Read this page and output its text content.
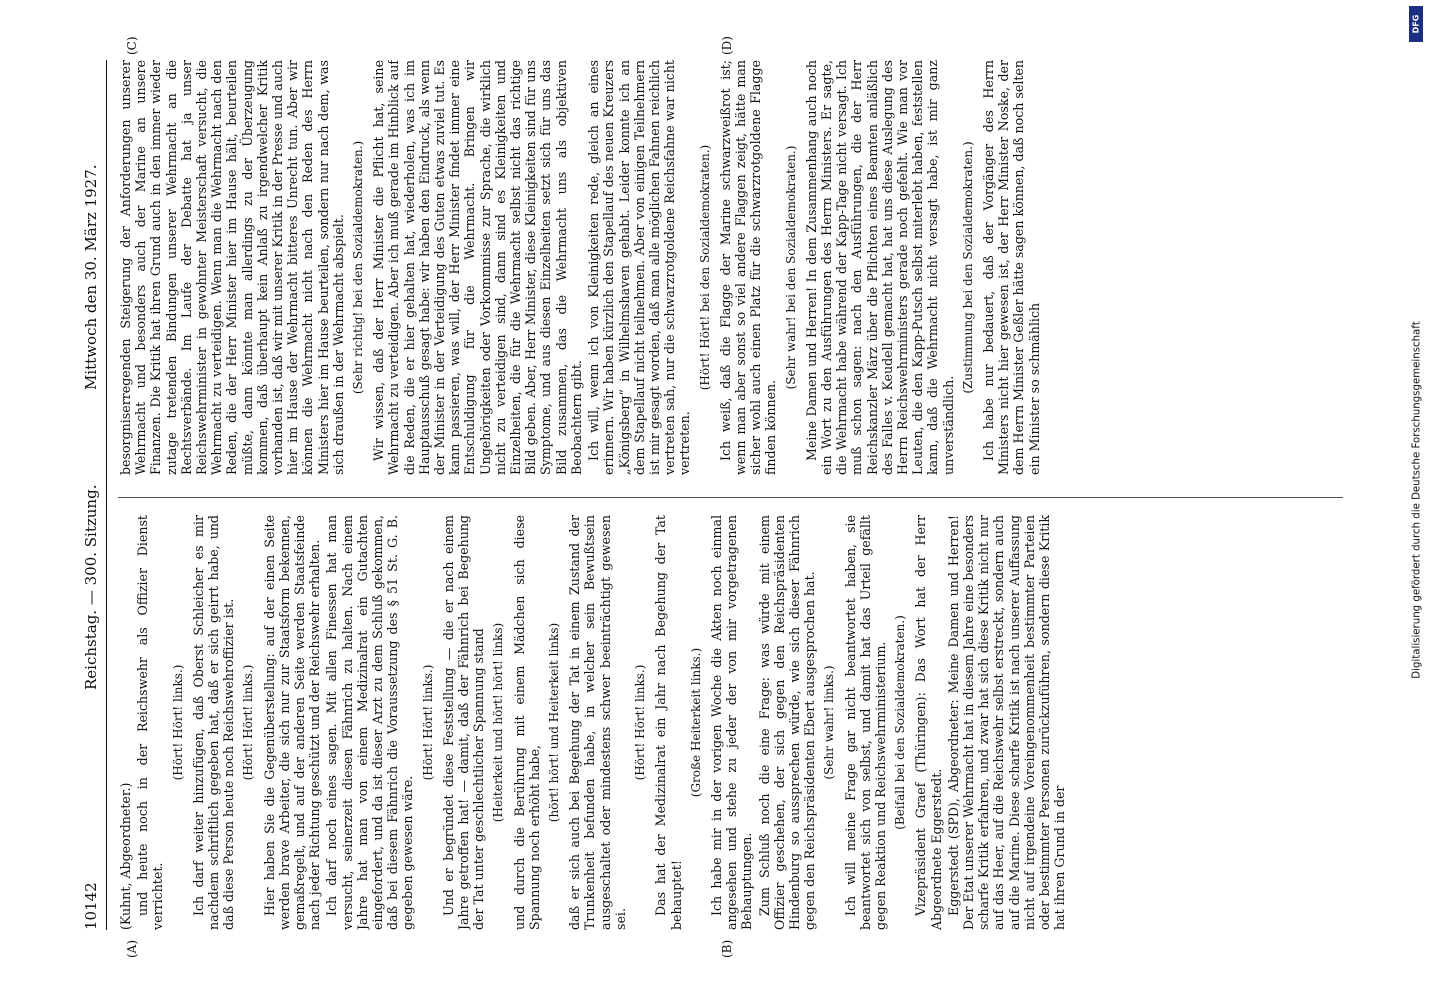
10142
Reichstag. — 300. Sitzung.
Mittwoch den 30. März 1927.
(A)	(B)
(C)	(D)

(Kuhnt, Abgeordneter.) und heute noch in der Reichswehr als Offizier Dienst verrichtet.

(Hört! Hört! links.) Ich darf weiter hinzufügen, daß Oberst Schleicher es mir nachdem schriftlich gegeben hat, daß er sich geirrt habe, und daß diese Person heute noch Reichswehroffizier ist. (Hört! Hört! links.) Hier haben Sie die Gegenüberstellung: auf der einen Seite werden brave Arbeiter, die sich nur zur Staatsform bekennen, gemaßregelt, und auf der anderen Seite werden Staatsfeinde nach jeder Richtung geschützt und der Reichswehr erhalten. Ich darf noch eines sagen. Mit allen Finessen hat man versucht, seinerzeit diesen Fähnrich zu halten. Nach einem Jahre hat man von einem Medizinalrat ein Gutachten eingefordert, und da ist dieser Arzt zu dem Schluß gekommen, daß bei diesem Fähnrich die Voraussetzung des § 51 St. G. B. gegeben gewesen wäre.

(Hört! Hört! links.) Und er begründet diese Feststellung — die er nach einem Jahre getroffen hat! — damit, daß der Fähnrich bei Begehung der Tat unter geschlechtlicher Spannung stand (Heiterkeit und hört! hört! links) und durch die Berührung mit einem Mädchen sich diese Spannung noch erhöht habe,

(hört! hört! und Heiterkeit links) daß er sich auch bei Begehung der Tat in einem Zustand der Trunkenheit befunden habe, in welcher sein Bewußtsein ausgeschaltet oder mindestens schwer beeinträchtigt gewesen sei.

(Hört! Hört! links.) Das hat der Medizinalrat ein Jahr nach Begehung der Tat behauptet!

(Große Heiterkeit links.) Ich habe mir in der vorigen Woche die Akten noch einmal angesehen und stehe zu jeder der von mir vorgetragenen Behauptungen. Zum Schluß noch die eine Frage: was würde mit einem Offizier geschehen, der sich gegen den Reichspräsidenten Hindenburg so aussprechen würde, wie sich dieser Fähnrich gegen den Reichspräsidenten Ebert ausgesprochen hat. (Sehr wahr! links.) Ich will meine Frage gar nicht beantwortet haben, sie beantwortet sich von selbst, und damit hat das Urteil gefällt gegen Reaktion und Reichswehrministerium. (Beifall bei den Sozialdemokraten.) Vizepräsident Graef (Thüringen): Das Wort hat der Herr Abgeordnete Eggerstedt. Eggerstedt (SPD), Abgeordneter: Meine Damen und Herren! Der Etat unserer Wehrmacht hat in diesem Jahre eine besonders scharfe Kritik erfahren, und zwar hat sich diese Kritik nicht nur auf das Heer, auf die Reichswehr selbst erstreckt, sondern auch auf die Marine. Diese scharfe Kritik ist nach unserer Auffassung nicht auf irgendeine Voreingenommenheit bestimmter Parteien oder bestimmter Personen zurückzuführen, sondern diese Kritik hat ihren Grund in der

besorgniserregenden Steigerung der Anforderungen unserer Wehrmacht und besonders auch der Marine an unsere Finanzen. Die Kritik hat ihren Grund auch in den immer wieder zutage tretenden Bindungen unserer Wehrmacht an die Rechtsverbände. Im Laufe der Debatte hat ja unser Reichswehrminister in gewohnter Meisterschaft versucht, die Wehrmacht zu verteidigen. Wenn man die Wehrmacht nach den Reden, die der Herr Minister hier im Hause hält, beurteilen müßte, dann könnte man allerdings zu der Überzeugung kommen, daß überhaupt kein Anlaß zu irgendwelcher Kritik vorhanden ist, daß wir mit unserer Kritik in der Presse und auch hier im Hause der Wehrmacht bitteres Unrecht tun. Aber wir können die Wehrmacht nicht nach den Reden des Herrn Ministers hier im Hause beurteilen, sondern nur nach dem, was sich draußen in der Wehrmacht abspielt. (Sehr richtig! bei den Sozialdemokraten.) Wir wissen, daß der Herr Minister die Pflicht hat, seine Wehrmacht zu verteidigen. Aber ich muß gerade im Hinblick auf die Reden, die er hier gehalten hat, wiederholen, was ich im Hauptausschuß gesagt habe: wir haben den Eindruck, als wenn der Minister in der Verteidigung des Guten etwas zuviel tut. Es kann passieren, was will, der Herr Minister findet immer eine Entschuldigung für die Wehrmacht. Bringen wir Ungehörigkeiten oder Vorkommnisse zur Sprache, die wirklich nicht zu verteidigen sind, dann sind es Kleinigkeiten und Einzelheiten, die für die Wehrmacht selbst nicht das richtige Bild geben. Aber, Herr Minister, diese Kleinigkeiten sind für uns Symptome, und aus diesen Einzelheiten setzt sich für uns das Bild zusammen, das die Wehrmacht uns als objektiven Beobachtern gibt. Ich will, wenn ich von Kleinigkeiten rede, gleich an eines erinnern. Wir haben kürzlich den Stapellauf des neuen Kreuzers „Königsberg“ in Wilhelmshaven gehabt. Leider konnte ich an dem Stapellauf nicht teilnehmen. Aber von einigen Teilnehmern ist mir gesagt worden, daß man alle möglichen Fahnen reichlich vertreten sah, nur die schwarzrotgoldene Reichsfahne war nicht vertreten.

(Hört! Hört! bei den Sozialdemokraten.) Ich weiß, daß die Flagge der Marine schwarzweißrot ist; wenn man aber sonst so viel andere Flaggen zeigt, hätte man sicher wohl auch einen Platz für die schwarzrotgoldene Flagge finden können.

(Sehr wahr! bei den Sozialdemokraten.) Meine Damen und Herren! In dem Zusammenhang auch noch ein Wort zu den Ausführungen des Herrn Ministers. Er sagte, die Wehrmacht habe während der Kapp-Tage nicht versagt. Ich muß schon sagen: nach den Ausführungen, die der Herr Reichskanzler März über die Pflichten eines Beamten anläßlich des Falles v. Keudell gemacht hat, hat uns diese Auslegung des Herrn Reichswehrministers gerade noch gefehlt. Wie man vor Leuten, die den Kapp-Putsch selbst miterlebt haben, feststellen kann, daß die Wehrmacht nicht versagt habe, ist mir ganz unverständlich.

(Zustimmung bei den Sozialdemokraten.) Ich habe nur bedauert, daß der Vorgänger des Herrn Ministers nicht hier gewesen ist, der Herr Minister Noske, der dem Herrn Minister Geßler hätte sagen können, daß noch selten ein Minister so schmählich

DFG
Digitalisierung gefördert durch die Deutsche Forschungsgemeinschaft
